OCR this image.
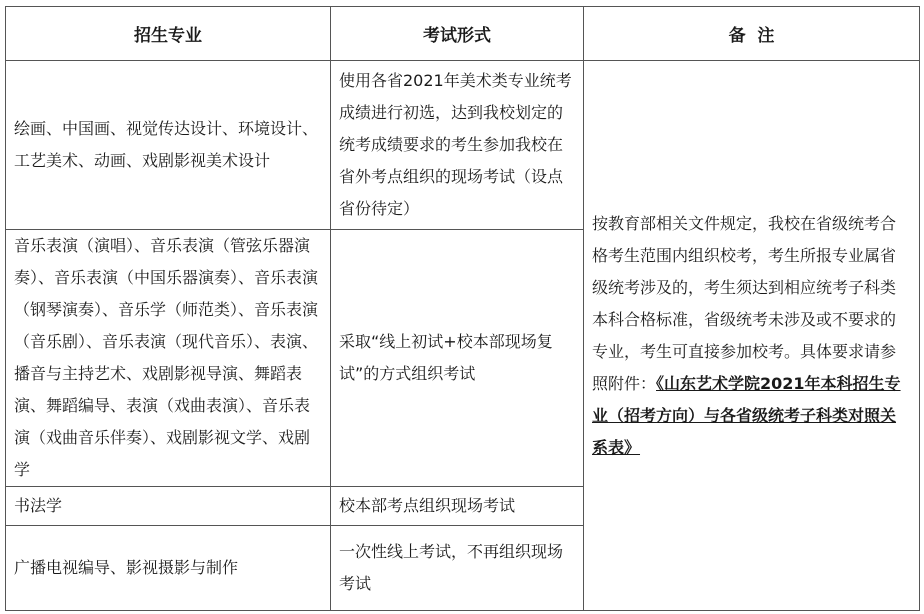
招生专业	考试形式	备  注
绘画、中国画、视觉传达设计、环境设计、工艺美术、动画、戏剧影视美术设计	使用各省2021年美术类专业统考成绩进行初选，达到我校划定的统考成绩要求的考生参加我校在省外考点组织的现场考试（设点省份待定）	按教育部相关文件规定，我校在省级统考合格考生范围内组织校考，考生所报专业属省级统考涉及的，考生须达到相应统考子科类本科合格标准，省级统考未涉及或不要求的专业，考生可直接参加校考。具体要求请参照附件：《山东艺术学院2021年本科招生专业（招考方向）与各省级统考子科类对照关系表》
音乐表演（演唱）、音乐表演（管弦乐器演奏）、音乐表演（中国乐器演奏）、音乐表演（钢琴演奏）、音乐学（师范类）、音乐表演（音乐剧）、音乐表演（现代音乐）、表演、播音与主持艺术、戏剧影视导演、舞蹈表演、舞蹈编导、表演（戏曲表演）、音乐表演（戏曲音乐伴奏）、戏剧影视文学、戏剧学	采取“线上初试+校本部现场复试”的方式组织考试	
书法学	校本部考点组织现场考试	
广播电视编导、影视摄影与制作	一次性线上考试，不再组织现场考试	
